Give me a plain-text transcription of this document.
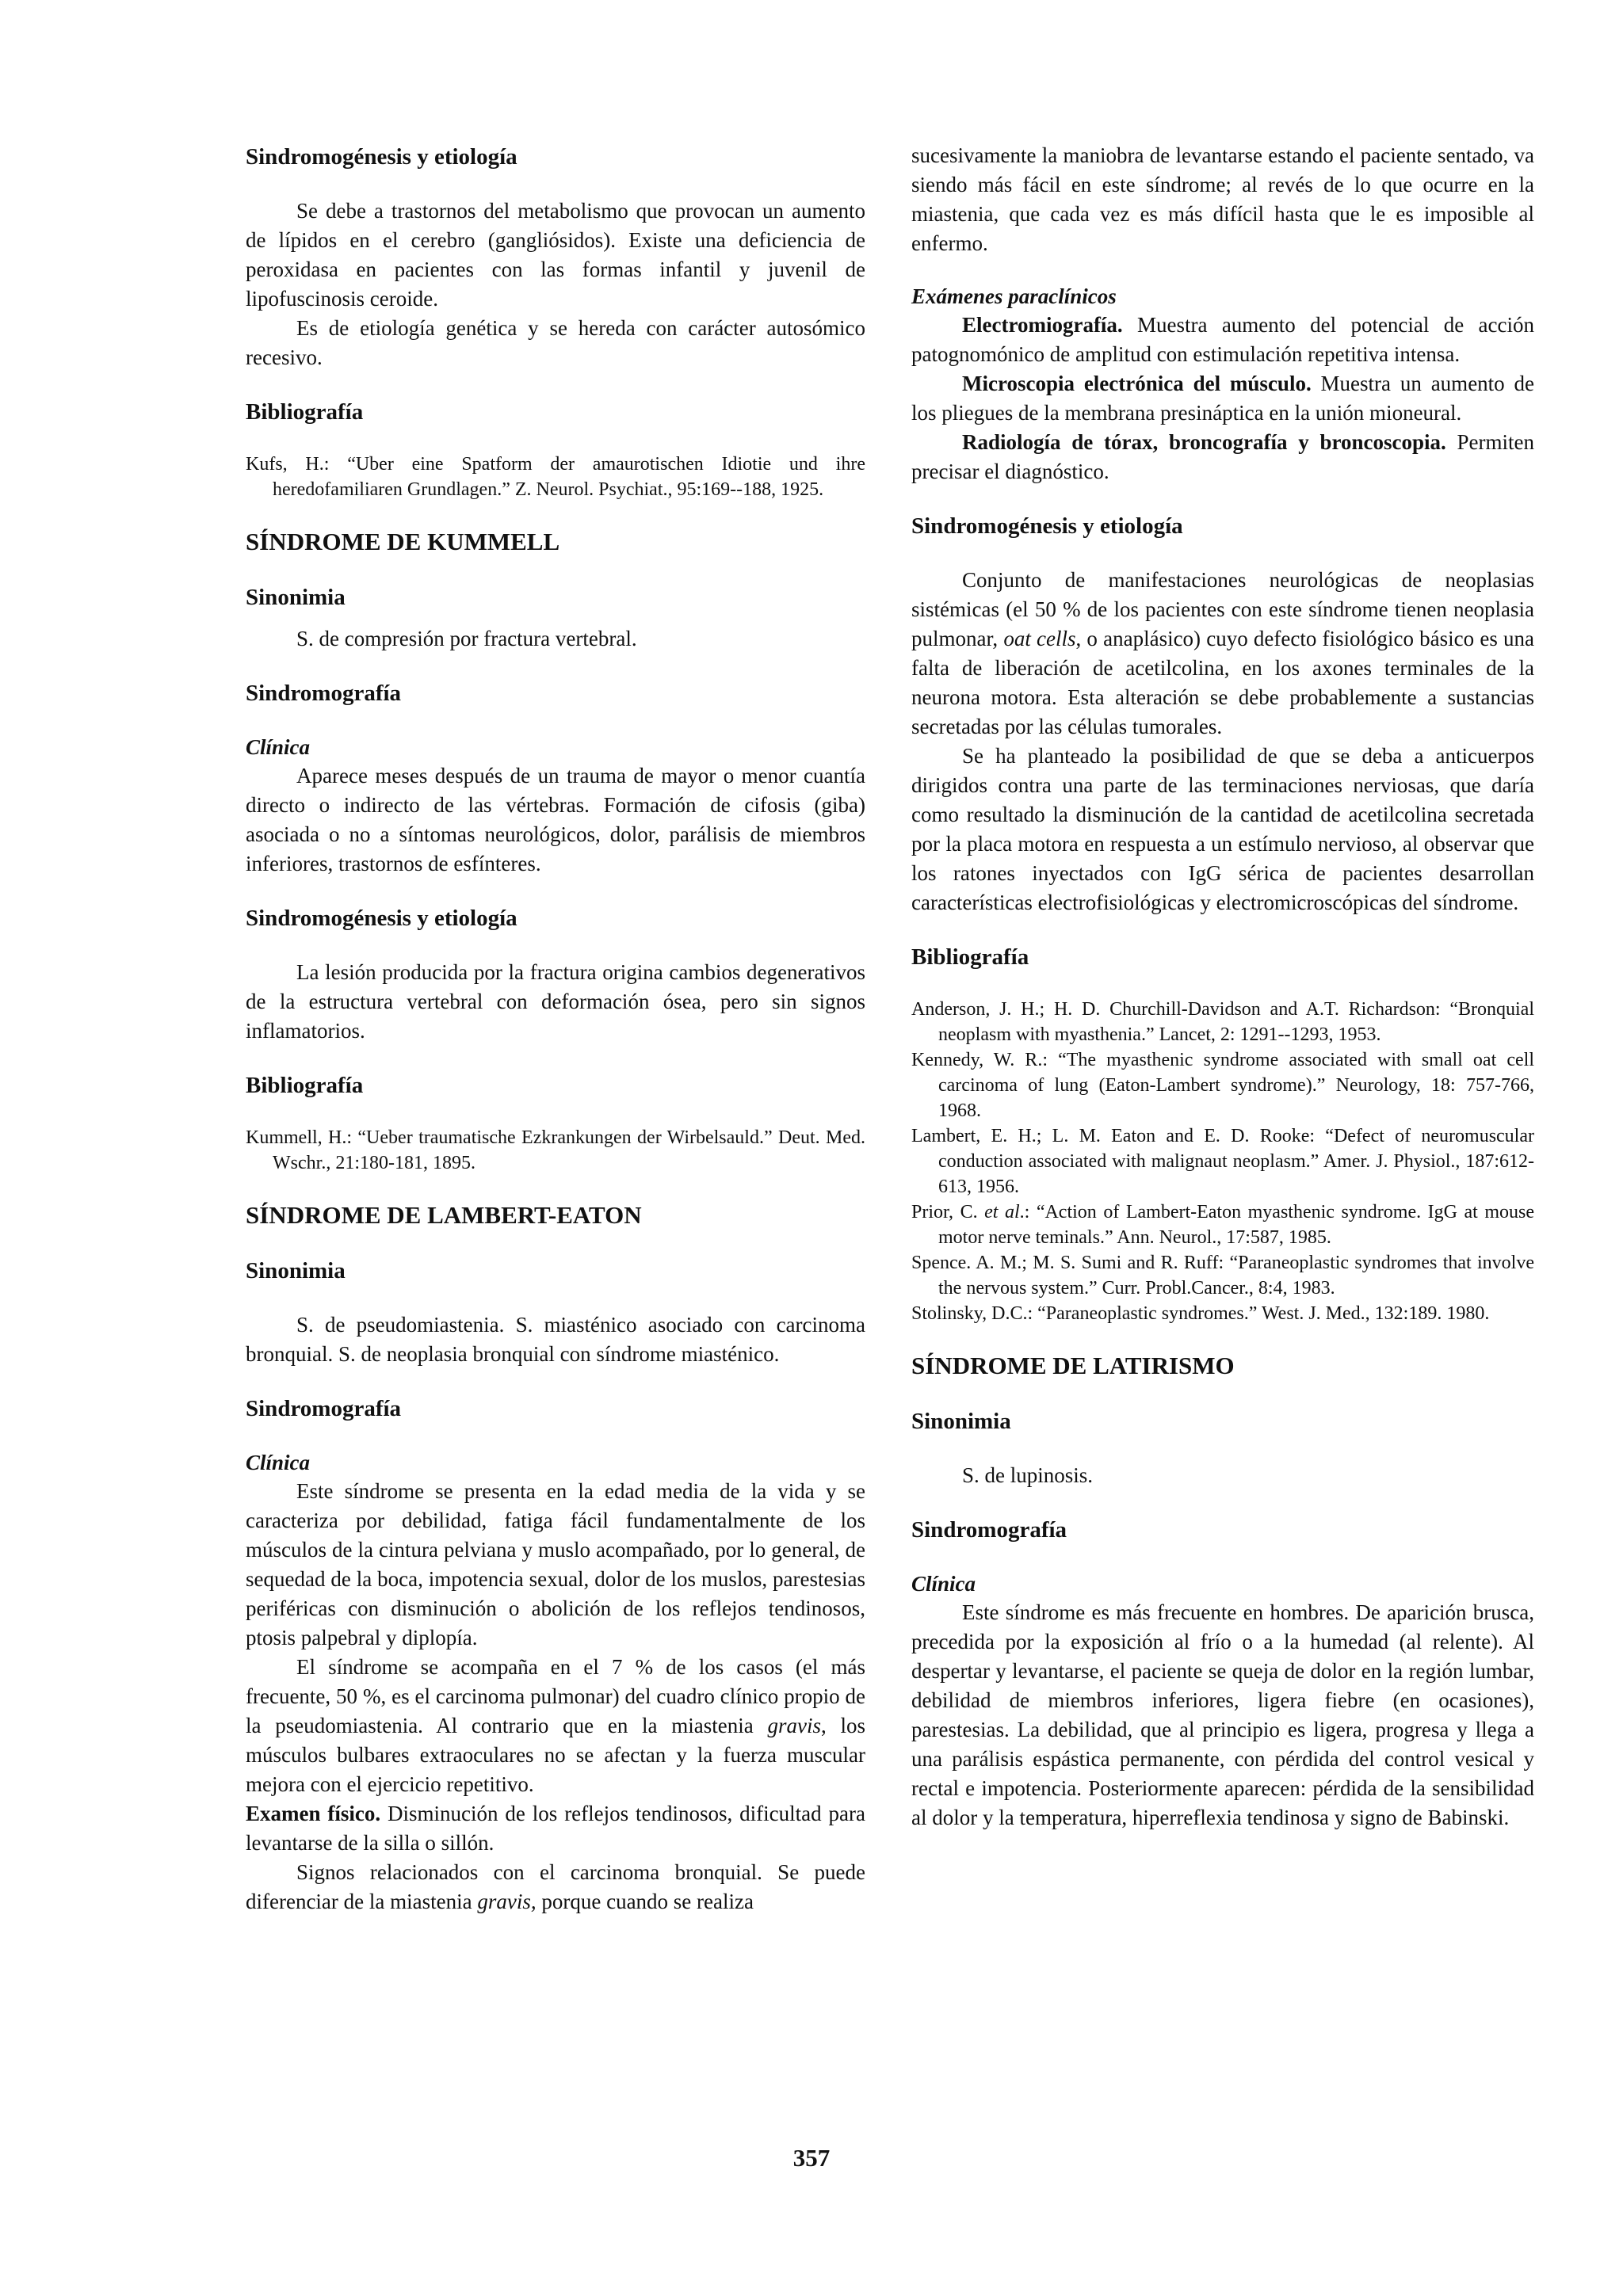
Sindromogénesis y etiología

Se debe a trastornos del metabolismo que provocan un aumento de lípidos en el cerebro (gangliósidos). Existe una deficiencia de peroxidasa en pacientes con las formas infantil y juvenil de lipofuscinosis ceroide.

Es de etiología genética y se hereda con carácter autosómico recesivo.

Bibliografía

Kufs, H.: “Uber eine Spatform der amaurotischen Idiotie und ihre heredofamiliaren Grundlagen.” Z. Neurol. Psychiat., 95:169--188, 1925.

SÍNDROME DE KUMMELL
Sinonimia

S. de compresión por fractura vertebral.

Sindromografía
Clínica

Aparece meses después de un trauma de mayor o menor cuantía directo o indirecto de las vértebras. Formación de cifosis (giba) asociada o no a síntomas neurológicos, dolor, parálisis de miembros inferiores, trastornos de esfínteres.

Sindromogénesis y etiología

La lesión producida por la fractura origina cambios degenerativos de la estructura vertebral con deformación ósea, pero sin signos inflamatorios.

Bibliografía

Kummell, H.: “Ueber traumatische Ezkrankungen der Wirbelsauld.” Deut. Med. Wschr., 21:180-181, 1895.

SÍNDROME DE LAMBERT-EATON
Sinonimia

S. de pseudomiastenia. S. miasténico asociado con carcinoma bronquial. S. de neoplasia bronquial con síndrome miasténico.

Sindromografía
Clínica

Este síndrome se presenta en la edad media de la vida y se caracteriza por debilidad, fatiga fácil fundamentalmente de los músculos de la cintura pelviana y muslo acompañado, por lo general, de sequedad de la boca, impotencia sexual, dolor de los muslos, parestesias periféricas con disminución o abolición de los reflejos tendinosos, ptosis palpebral y diplopía.

El síndrome se acompaña en el 7 % de los casos (el más frecuente, 50 %, es el carcinoma pulmonar) del cuadro clínico propio de la pseudomiastenia. Al contrario que en la miastenia gravis, los músculos bulbares extraoculares no se afectan y la fuerza muscular mejora con el ejercicio repetitivo.

Examen físico. Disminución de los reflejos tendinosos, dificultad para levantarse de la silla o sillón.

Signos relacionados con el carcinoma bronquial. Se puede diferenciar de la miastenia gravis, porque cuando se realiza

sucesivamente la maniobra de levantarse estando el paciente sentado, va siendo más fácil en este síndrome; al revés de lo que ocurre en la miastenia, que cada vez es más difícil hasta que le es imposible al enfermo.

Exámenes paraclínicos

Electromiografía. Muestra aumento del potencial de acción patognomónico de amplitud con estimulación repetitiva intensa.

Microscopia electrónica del músculo. Muestra un aumento de los pliegues de la membrana presináptica en la unión mioneural.

Radiología de tórax, broncografía y broncoscopia. Permiten precisar el diagnóstico.

Sindromogénesis y etiología

Conjunto de manifestaciones neurológicas de neoplasias sistémicas (el 50 % de los pacientes con este síndrome tienen neoplasia pulmonar, oat cells, o anaplásico) cuyo defecto fisiológico básico es una falta de liberación de acetilcolina, en los axones terminales de la neurona motora. Esta alteración se debe probablemente a sustancias secretadas por las células tumorales.

Se ha planteado la posibilidad de que se deba a anticuerpos dirigidos contra una parte de las terminaciones nerviosas, que daría como resultado la disminución de la cantidad de acetilcolina secretada por la placa motora en respuesta a un estímulo nervioso, al observar que los ratones inyectados con IgG sérica de pacientes desarrollan características electrofisiológicas y electromicroscópicas del síndrome.

Bibliografía

Anderson, J. H.; H. D. Churchill-Davidson and A.T. Richardson: “Bronquial neoplasm with myasthenia.” Lancet, 2: 1291--1293, 1953.

Kennedy, W. R.: “The myasthenic syndrome associated with small oat cell carcinoma of lung (Eaton-Lambert syndrome).” Neurology, 18: 757-766, 1968.

Lambert, E. H.; L. M. Eaton and E. D. Rooke: “Defect of neuromuscular conduction associated with malignaut neoplasm.” Amer. J. Physiol., 187:612-613, 1956.

Prior, C. et al.: “Action of Lambert-Eaton myasthenic syndrome. IgG at mouse motor nerve teminals.” Ann. Neurol., 17:587, 1985.

Spence. A. M.; M. S. Sumi and R. Ruff: “Paraneoplastic syndromes that involve the nervous system.” Curr. Probl.Cancer., 8:4, 1983.

Stolinsky, D.C.: “Paraneoplastic syndromes.” West. J. Med., 132:189. 1980.

SÍNDROME DE LATIRISMO
Sinonimia

S. de lupinosis.

Sindromografía
Clínica

Este síndrome es más frecuente en hombres. De aparición brusca, precedida por la exposición al frío o a la humedad (al relente). Al despertar y levantarse, el paciente se queja de dolor en la región lumbar, debilidad de miembros inferiores, ligera fiebre (en ocasiones), parestesias. La debilidad, que al principio es ligera, progresa y llega a una parálisis espástica permanente, con pérdida del control vesical y rectal e impotencia. Posteriormente aparecen: pérdida de la sensibilidad al dolor y la temperatura, hiperreflexia tendinosa y signo de Babinski.

357
